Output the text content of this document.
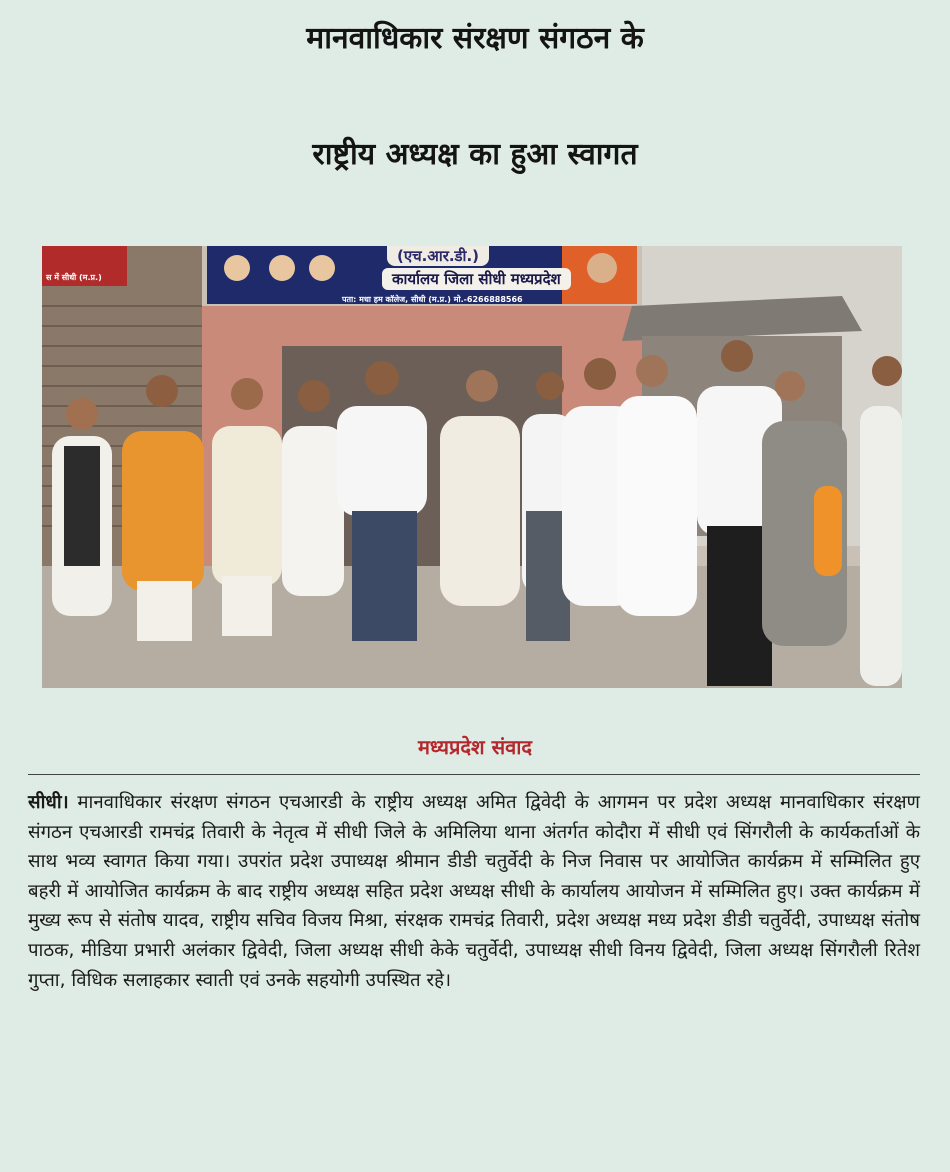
मानवाधिकार संरक्षण संगठन के
राष्ट्रीय अध्यक्ष का हुआ स्वागत
(एच.आर.डी.)
कार्यालय जिला सीधी मध्यप्रदेश
पता: मधा हम कॉलेज, सीधी (म.प्र.) मो.-6266888566
स में सीधी (म.प्र.)
मध्यप्रदेश संवाद
सीधी। मानवाधिकार संरक्षण संगठन एचआरडी के राष्ट्रीय अध्यक्ष अमित द्विवेदी के आगमन पर प्रदेश अध्यक्ष मानवाधिकार संरक्षण संगठन एचआरडी रामचंद्र तिवारी के नेतृत्व में सीधी जिले के अमिलिया थाना अंतर्गत कोदौरा में सीधी एवं सिंगरौली के कार्यकर्ताओं के साथ भव्य स्वागत किया गया। उपरांत प्रदेश उपाध्यक्ष श्रीमान डीडी चतुर्वेदी के निज निवास पर आयोजित कार्यक्रम में सम्मिलित हुए बहरी में आयोजित कार्यक्रम के बाद राष्ट्रीय अध्यक्ष सहित प्रदेश अध्यक्ष सीधी के कार्यालय आयोजन में सम्मिलित हुए। उक्त कार्यक्रम में मुख्य रूप से संतोष यादव, राष्ट्रीय सचिव विजय मिश्रा, संरक्षक रामचंद्र तिवारी, प्रदेश अध्यक्ष मध्य प्रदेश डीडी चतुर्वेदी, उपाध्यक्ष संतोष पाठक, मीडिया प्रभारी अलंकार द्विवेदी, जिला अध्यक्ष सीधी केके चतुर्वेदी, उपाध्यक्ष सीधी विनय द्विवेदी, जिला अध्यक्ष सिंगरौली रितेश गुप्ता, विधिक सलाहकार स्वाती एवं उनके सहयोगी उपस्थित रहे।
